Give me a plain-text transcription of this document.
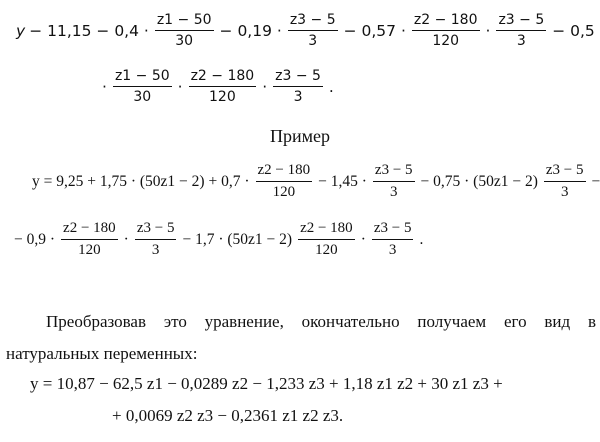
$y - 11,15 - 0,4 \cdot \frac{z1 - 50}{30} - 0,19 \cdot \frac{z3 - 5}{3} - 0,57 \cdot \frac{z2 - 180}{120} \cdot \frac{z3 - 5}{3} - 0,5$
· $\frac{z1 - 50}{30} \cdot \frac{z2 - 180}{120} \cdot \frac{z3 - 5}{3}$ .
Пример
$y = 9,25 + 1,75 \cdot (50z1 - 2) + 0,7 \cdot \frac{z2 - 180}{120} - 1,45 \cdot \frac{z3 - 5}{3} - 0,75 \cdot (50z1 - 2) \frac{z3 - 5}{3}$ −
− $0,9 \cdot \frac{z2 - 180}{120} \cdot \frac{z3 - 5}{3} - 1,7 \cdot (50z1 - 2) \frac{z2 - 180}{120} \cdot \frac{z3 - 5}{3}$ .
Преобразовав это уравнение, окончательно получаем его вид в натуральных переменных:
y = 10,87 − 62,5 z1 − 0,0289 z2 − 1,233 z3 + 1,18 z1 z2 + 30 z1 z3 +
+ 0,0069 z2 z3 − 0,2361 z1 z2 z3.
